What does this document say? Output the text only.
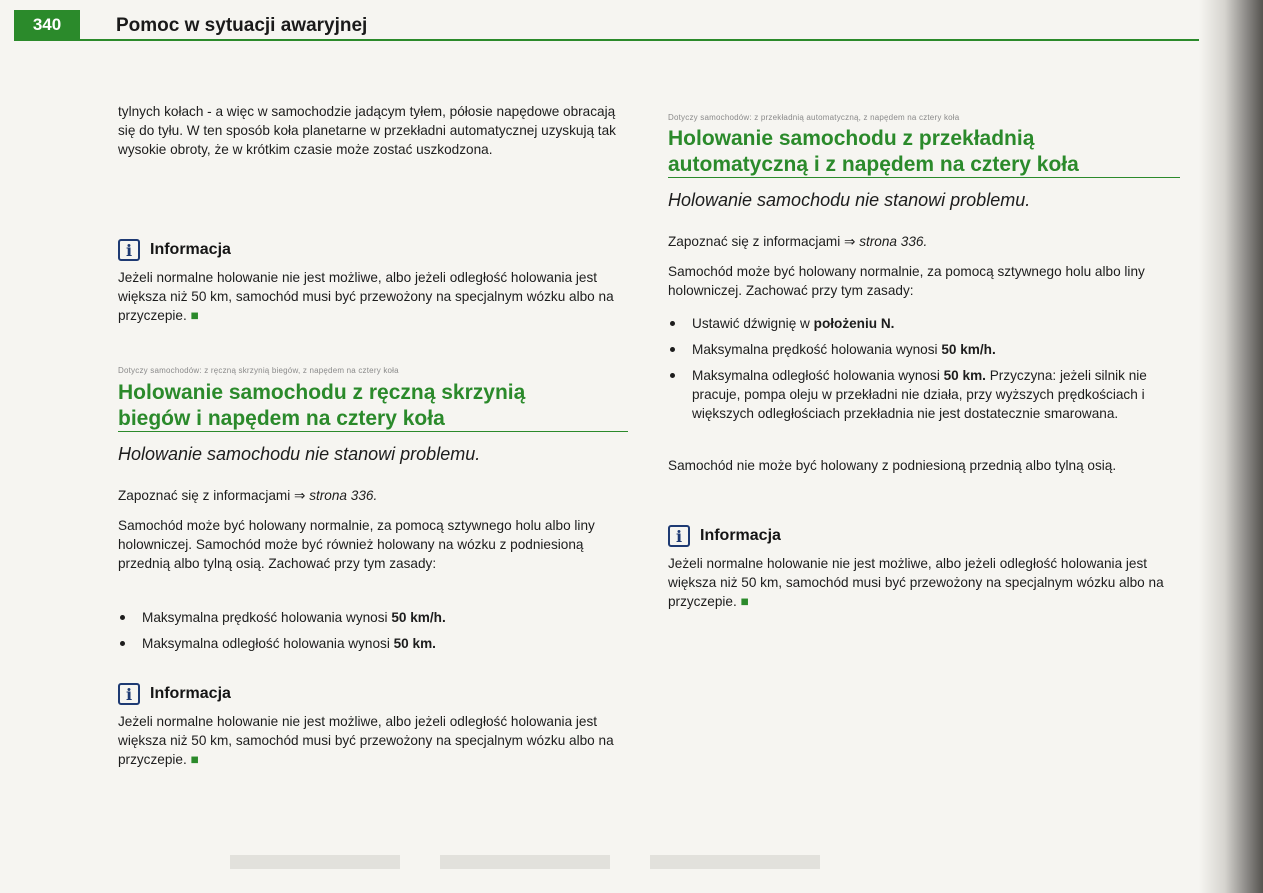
340	Pomoc w sytuacji awaryjnej

tylnych kołach - a więc w samochodzie jadącym tyłem, półosie napędowe obracają się do tyłu. W ten sposób koła planetarne w przekładni automatycznej uzyskują tak wysokie obroty, że w krótkim czasie może zostać uszkodzona.

i	Informacja

Jeżeli normalne holowanie nie jest możliwe, albo jeżeli odległość holowania jest większa niż 50 km, samochód musi być przewożony na specjalnym wózku albo na przyczepie. ■

Dotyczy samochodów: z ręczną skrzynią biegów, z napędem na cztery koła
Holowanie samochodu z ręczną skrzynią
biegów i napędem na cztery koła

Holowanie samochodu nie stanowi problemu.

Zapoznać się z informacjami ⇒ strona 336.

Samochód może być holowany normalnie, za pomocą sztywnego holu albo liny holowniczej. Samochód może być również holowany na wózku z podniesioną przednią albo tylną osią. Zachować przy tym zasady:

Maksymalna prędkość holowania wynosi 50 km/h.
Maksymalna odległość holowania wynosi 50 km.
i	Informacja

Jeżeli normalne holowanie nie jest możliwe, albo jeżeli odległość holowania jest większa niż 50 km, samochód musi być przewożony na specjalnym wózku albo na przyczepie. ■

Dotyczy samochodów: z przekładnią automatyczną, z napędem na cztery koła
Holowanie samochodu z przekładnią
automatyczną i z napędem na cztery koła

Holowanie samochodu nie stanowi problemu.

Zapoznać się z informacjami ⇒ strona 336.

Samochód może być holowany normalnie, za pomocą sztywnego holu albo liny holowniczej. Zachować przy tym zasady:

Ustawić dźwignię w położeniu N.
Maksymalna prędkość holowania wynosi 50 km/h.
Maksymalna odległość holowania wynosi 50 km. Przyczyna: jeżeli silnik nie pracuje, pompa oleju w przekładni nie działa, przy wyższych prędkościach i większych odległościach przekładnia nie jest dostatecznie smarowana.

Samochód nie może być holowany z podniesioną przednią albo tylną osią.

i	Informacja

Jeżeli normalne holowanie nie jest możliwe, albo jeżeli odległość holowania jest większa niż 50 km, samochód musi być przewożony na specjalnym wózku albo na przyczepie. ■
